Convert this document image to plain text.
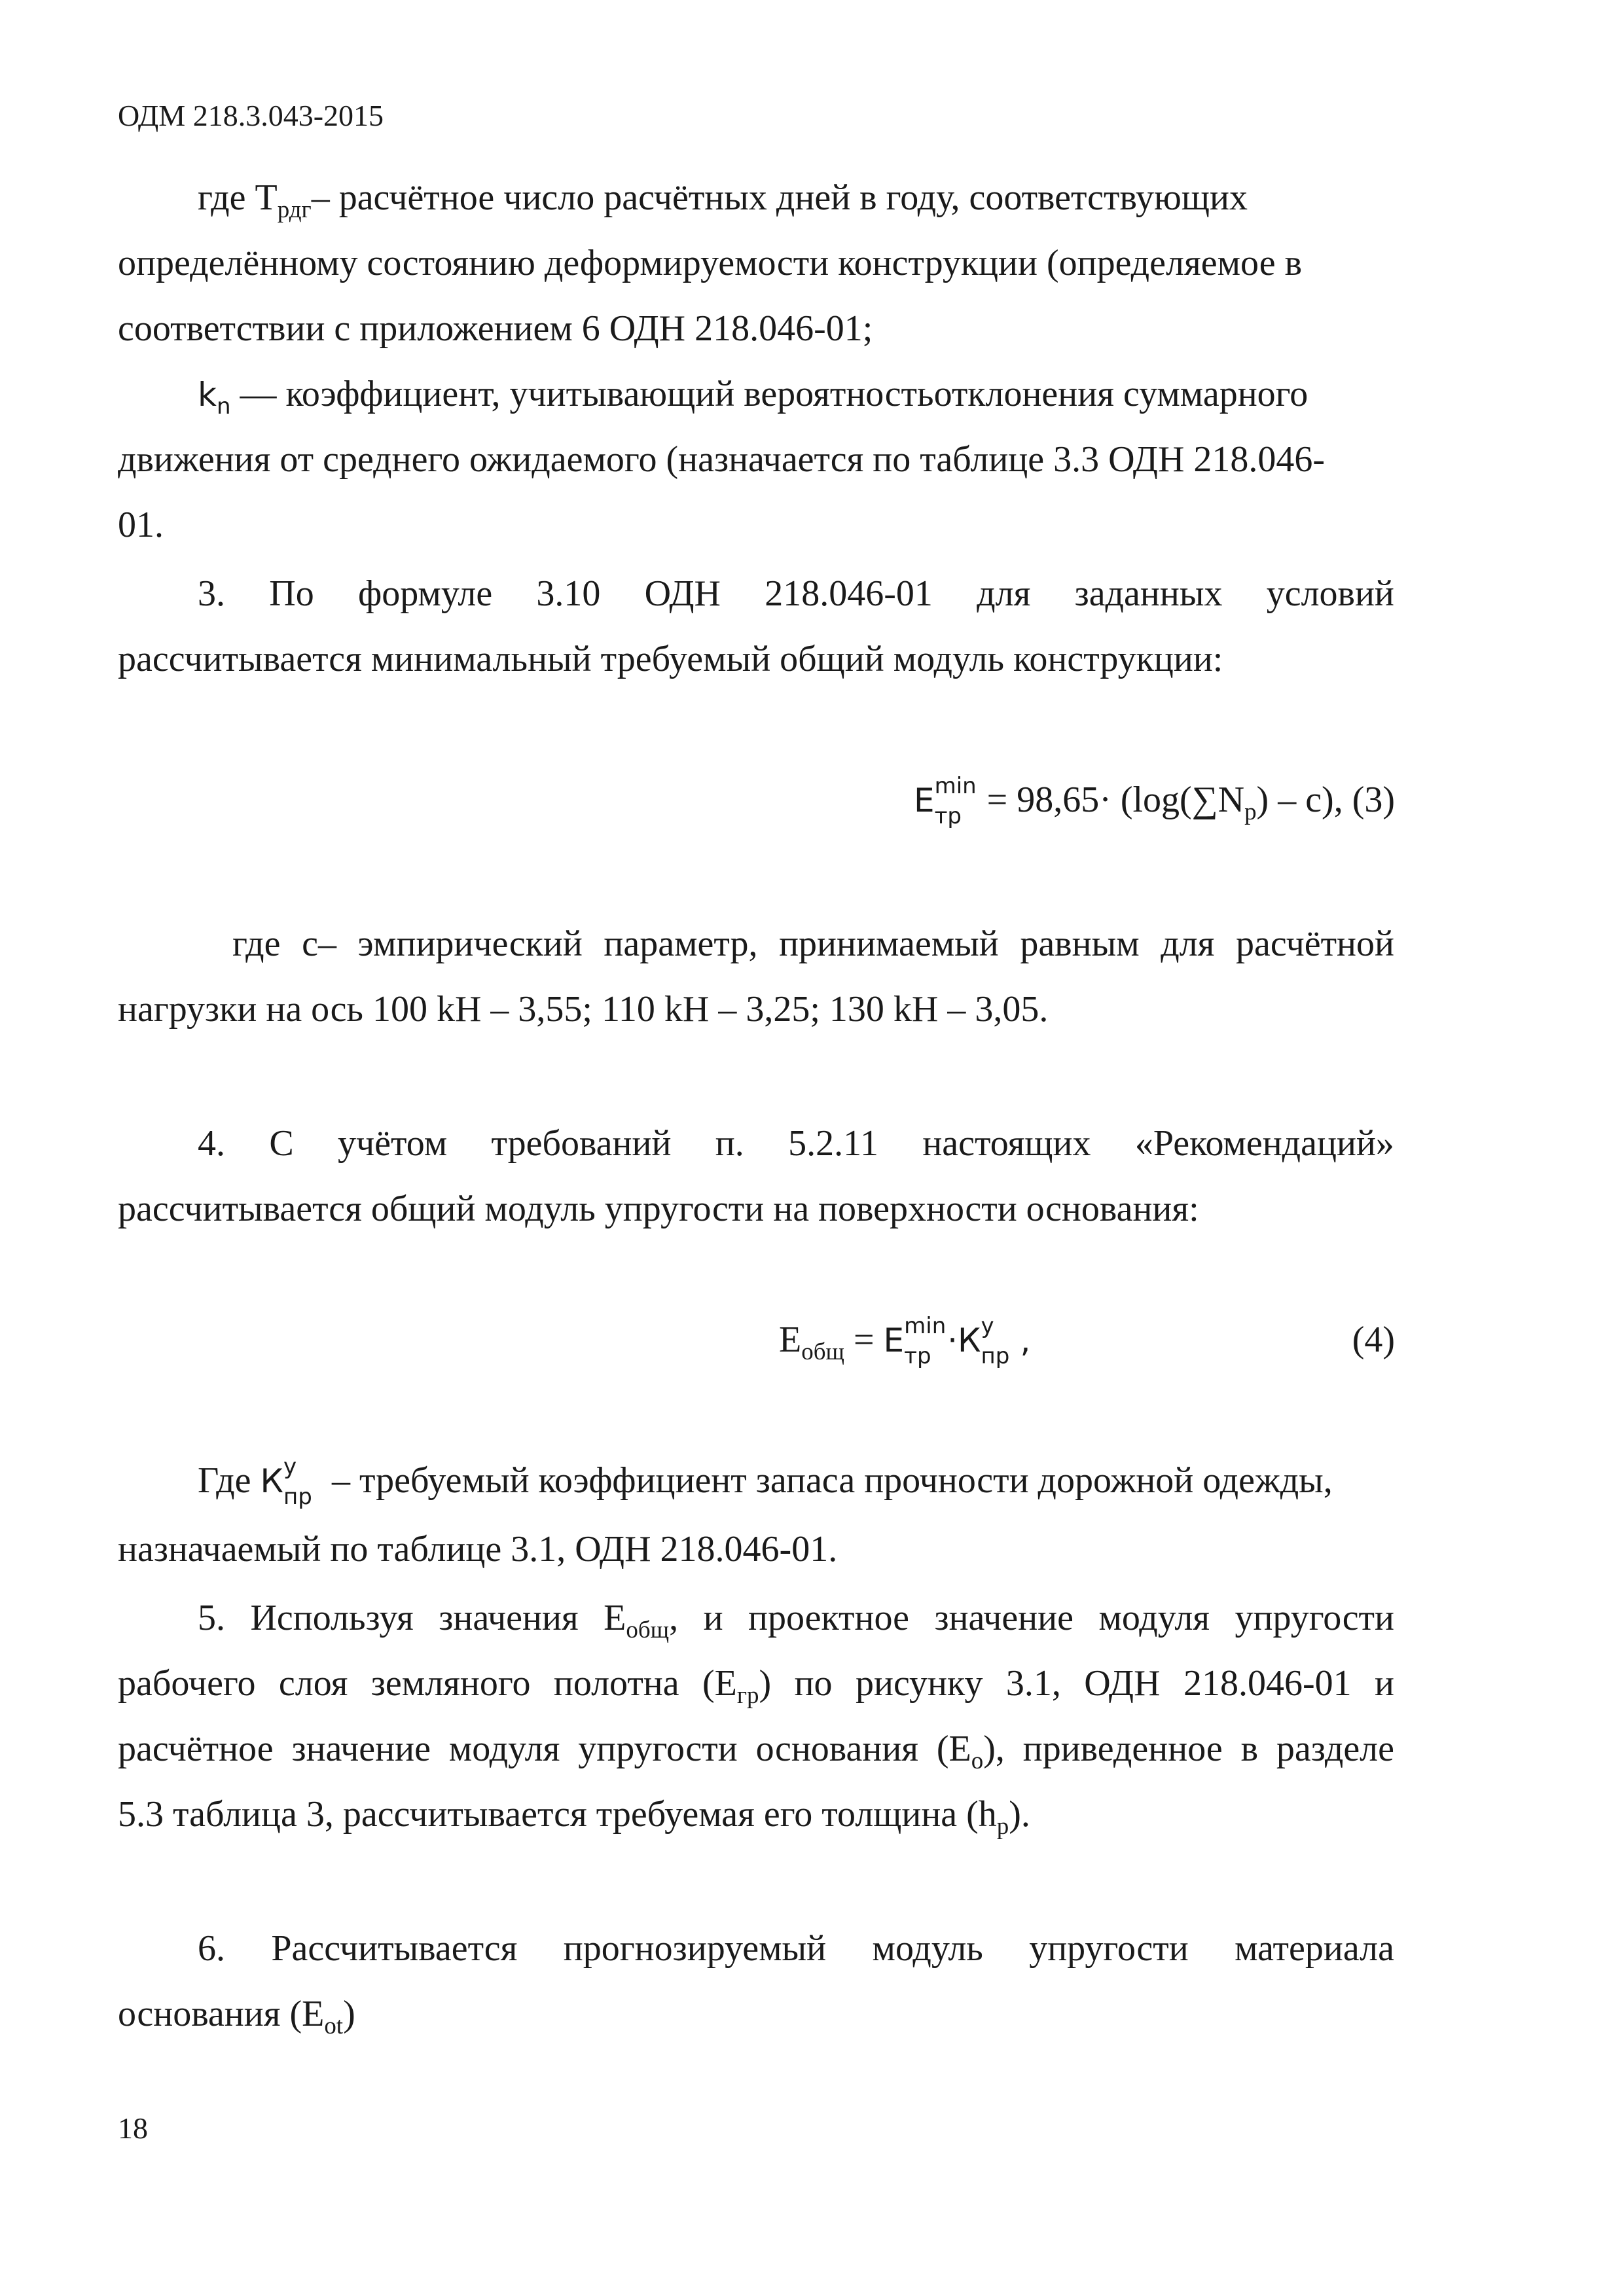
ОДМ 218.3.043-2015
где $Т_{рдг}-$ расчётное число расчётных дней в году, соответствующих
определённому состоянию деформируемости конструкции (определяемое в
соответствии с приложением 6 ОДН 218.046-01;
$k_n$ — коэффициент, учитывающий вероятностьотклонения суммарного
движения от среднего ожидаемого (назначается по таблице 3.3 ОДН 218.046-
01.
3. По формуле 3.10 ОДН 218.046-01 для заданных условий
рассчитывается минимальный требуемый общий модуль конструкции:
E min
тр = $98,65\cdot (\log(\sum N_p) - c)$, (3)
где c– эмпирический параметр, принимаемый равным для расчётной
нагрузки на ось 100 kH – 3,55; 110 kH – 3,25; 130 kH – 3,05.
4. С учётом требований п. 5.2.11 настоящих «Рекомендаций»
рассчитывается общий модуль упругости на поверхности основания:
$Е_{общ} = E$ min
тр ·К у
пр ,	(4)
Где К у
пр – требуемый коэффициент запаса прочности дорожной одежды,
назначаемый по таблице 3.1, ОДН 218.046-01.
5. Используя значения $Е_{общ}$, и проектное значение модуля упругости
рабочего слоя земляного полотна $(Е_{гр})$ по рисунку 3.1, ОДН 218.046-01 и
расчётное значение модуля упругости основания $(Е_о)$, приведенное в разделе
5.3 таблица 3, рассчитывается требуемая его толщина $(h_p)$.
6. Рассчитывается прогнозируемый модуль упругости материала
основания $(Е_{ot})$
18
